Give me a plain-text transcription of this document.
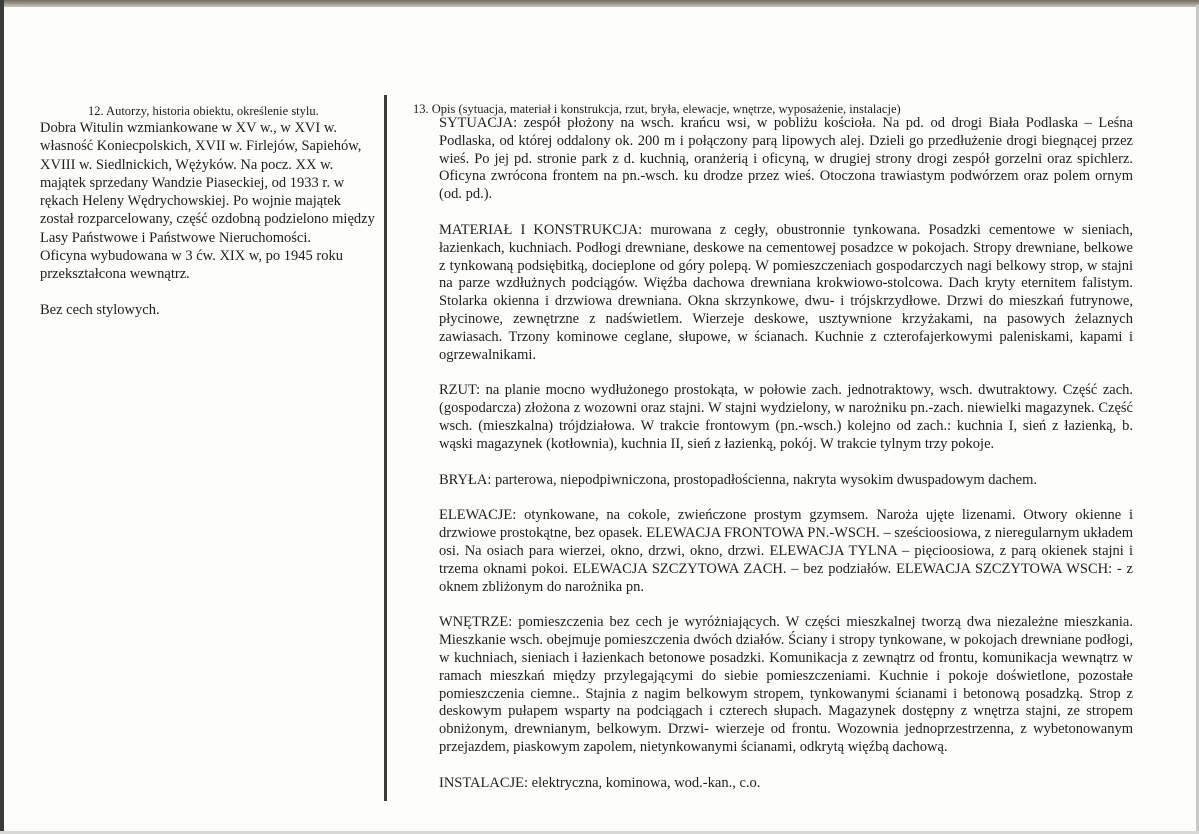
12. Autorzy, historia obiektu, określenie stylu.

Dobra Witulin wzmiankowane w XV w., w XVI w. własność Koniecpolskich, XVII w. Firlejów, Sapiehów, XVIII w. Siedlnickich, Wężyków. Na pocz. XX w. majątek sprzedany Wandzie Piaseckiej, od 1933 r. w rękach Heleny Wędrychowskiej. Po wojnie majątek został rozparcelowany, część ozdobną podzielono między Lasy Państwowe i Państwowe Nieruchomości.

Oficyna wybudowana w 3 ćw. XIX w, po 1945 roku przekształcona wewnątrz.

Bez cech stylowych.

13. Opis (sytuacja, materiał i konstrukcja, rzut, bryła, elewacje, wnętrze, wyposażenie, instalacje)

SYTUACJA: zespół płożony na wsch. krańcu wsi, w pobliżu kościoła. Na pd. od drogi Biała Podlaska – Leśna Podlaska, od której oddalony ok. 200 m i połączony parą lipowych alej. Dzieli go przedłużenie drogi biegnącej przez wieś. Po jej pd. stronie park z d. kuchnią, oranżerią i oficyną, w drugiej strony drogi zespół gorzelni oraz spichlerz. Oficyna zwrócona frontem na pn.-wsch. ku drodze przez wieś. Otoczona trawiastym podwórzem oraz polem ornym (od. pd.).

MATERIAŁ I KONSTRUKCJA: murowana z cegły, obustronnie tynkowana. Posadzki cementowe w sieniach, łazienkach, kuchniach. Podłogi drewniane, deskowe na cementowej posadzce w pokojach. Stropy drewniane, belkowe z tynkowaną podsiębitką, docieplone od góry polepą. W pomieszczeniach gospodarczych nagi belkowy strop, w stajni na parze wzdłużnych podciągów. Więźba dachowa drewniana krokwiowo-stolcowa. Dach kryty eternitem falistym. Stolarka okienna i drzwiowa drewniana. Okna skrzynkowe, dwu- i trójskrzydłowe. Drzwi do mieszkań futrynowe, płycinowe, zewnętrzne z nadświetlem. Wierzeje deskowe, usztywnione krzyżakami, na pasowych żelaznych zawiasach. Trzony kominowe ceglane, słupowe, w ścianach. Kuchnie z czterofajerkowymi paleniskami, kapami i ogrzewalnikami.

RZUT: na planie mocno wydłużonego prostokąta, w połowie zach. jednotraktowy, wsch. dwutraktowy. Część zach. (gospodarcza) złożona z wozowni oraz stajni. W stajni wydzielony, w narożniku pn.-zach. niewielki magazynek. Część wsch. (mieszkalna) trójdziałowa. W trakcie frontowym (pn.-wsch.) kolejno od zach.: kuchnia I, sień z łazienką, b. wąski magazynek (kotłownia), kuchnia II, sień z łazienką, pokój. W trakcie tylnym trzy pokoje.

BRYŁA: parterowa, niepodpiwniczona, prostopadłościenna, nakryta wysokim dwuspadowym dachem.

ELEWACJE: otynkowane, na cokole, zwieńczone prostym gzymsem. Naroża ujęte lizenami. Otwory okienne i drzwiowe prostokątne, bez opasek. ELEWACJA FRONTOWA PN.-WSCH. – sześcioosiowa, z nieregularnym układem osi. Na osiach para wierzei, okno, drzwi, okno, drzwi. ELEWACJA TYLNA – pięcioosiowa, z parą okienek stajni i trzema oknami pokoi. ELEWACJA SZCZYTOWA ZACH. – bez podziałów. ELEWACJA SZCZYTOWA WSCH: - z oknem zbliżonym do narożnika pn.

WNĘTRZE: pomieszczenia bez cech je wyróżniających. W części mieszkalnej tworzą dwa niezależne mieszkania. Mieszkanie wsch. obejmuje pomieszczenia dwóch działów. Ściany i stropy tynkowane, w pokojach drewniane podłogi, w kuchniach, sieniach i łazienkach betonowe posadzki. Komunikacja z zewnątrz od frontu, komunikacja wewnątrz w ramach mieszkań między przylegającymi do siebie pomieszczeniami. Kuchnie i pokoje doświetlone, pozostałe pomieszczenia ciemne.. Stajnia z nagim belkowym stropem, tynkowanymi ścianami i betonową posadzką. Strop z deskowym pułapem wsparty na podciągach i czterech słupach. Magazynek dostępny z wnętrza stajni, ze stropem obniżonym, drewnianym, belkowym. Drzwi- wierzeje od frontu. Wozownia jednoprzestrzenna, z wybetonowanym przejazdem, piaskowym zapolem, nietynkowanymi ścianami, odkrytą więźbą dachową.

INSTALACJE: elektryczna, kominowa, wod.-kan., c.o.
